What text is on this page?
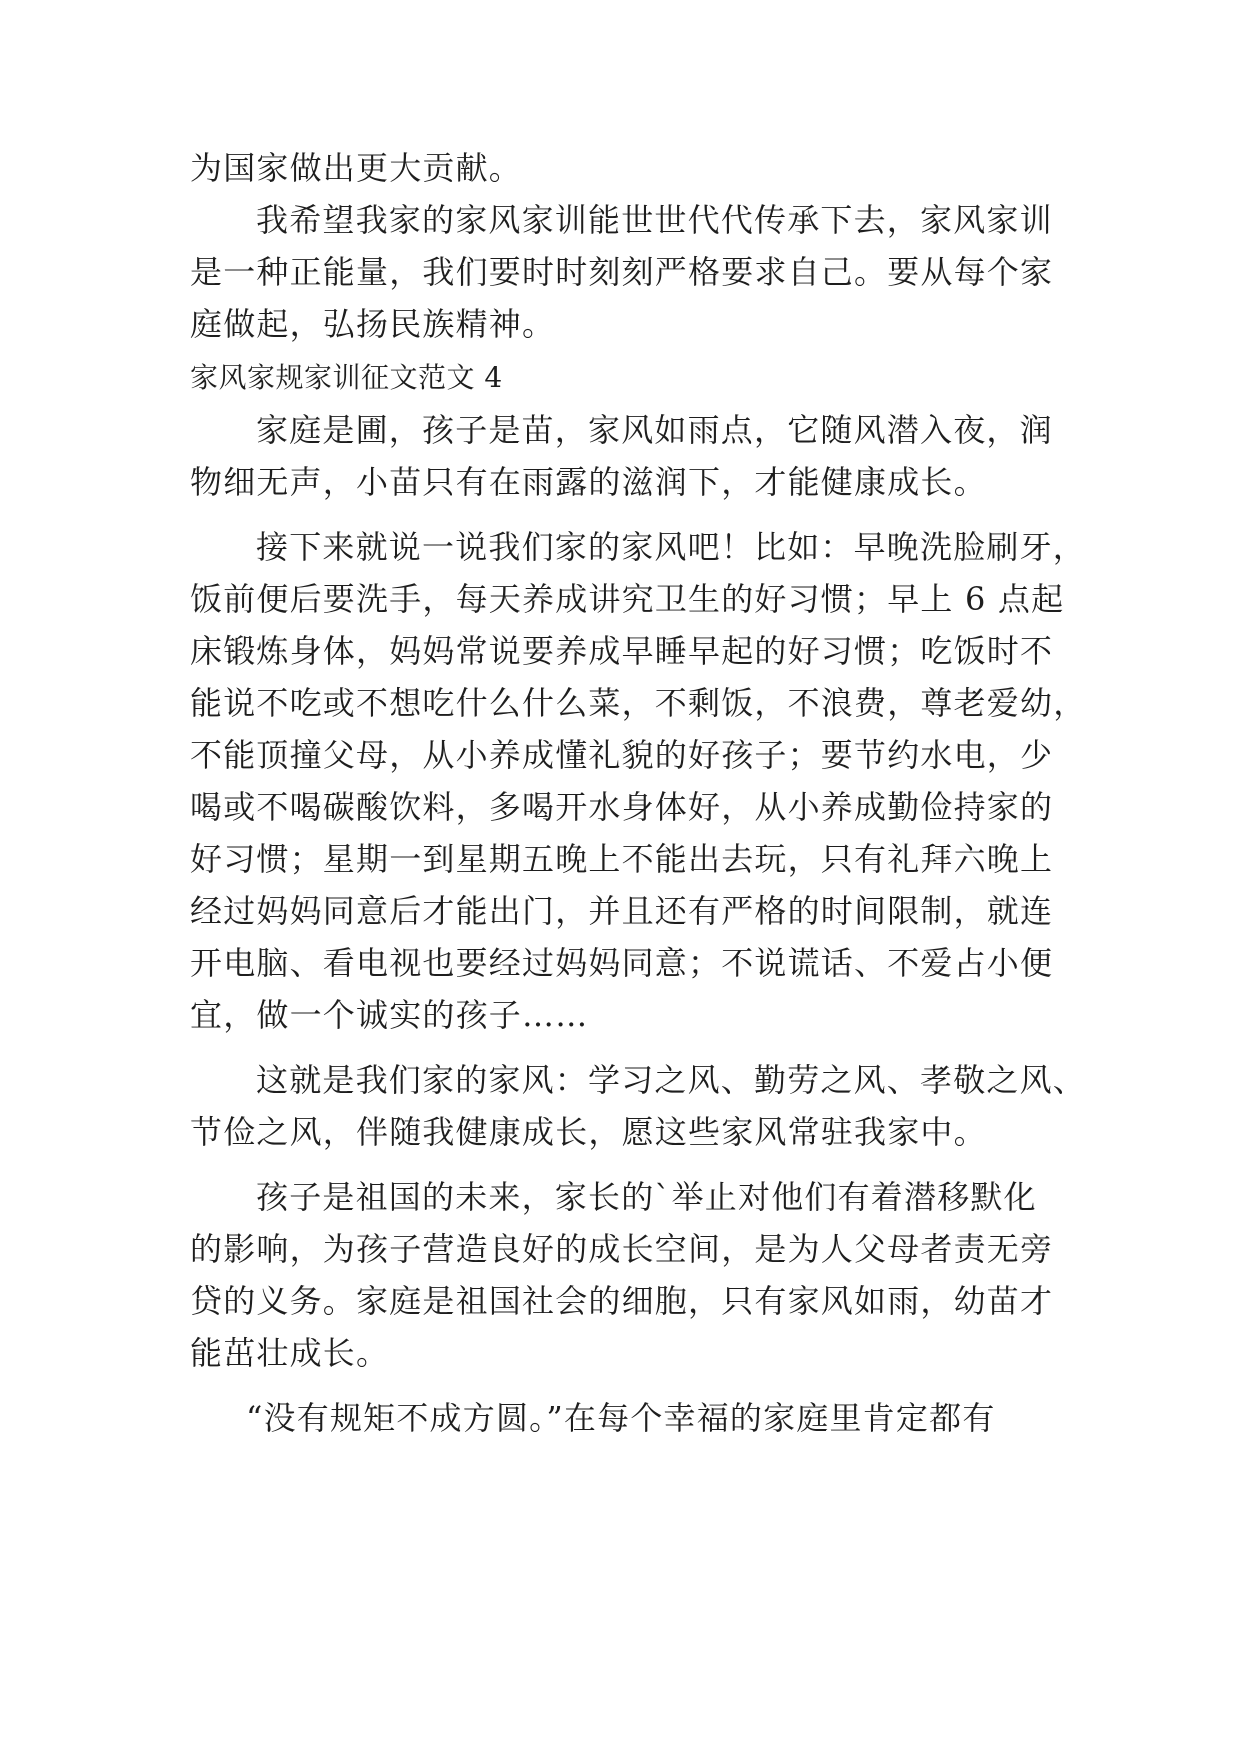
为国家做出更大贡献。
我希望我家的家风家训能世世代代传承下去，家风家训
是一种正能量，我们要时时刻刻严格要求自己。要从每个家
庭做起，弘扬民族精神。
家风家规家训征文范文 4
家庭是圃，孩子是苗，家风如雨点，它随风潜入夜，润
物细无声，小苗只有在雨露的滋润下，才能健康成长。
接下来就说一说我们家的家风吧！比如：早晚洗脸刷牙，
饭前便后要洗手，每天养成讲究卫生的好习惯；早上 6 点起
床锻炼身体，妈妈常说要养成早睡早起的好习惯；吃饭时不
能说不吃或不想吃什么什么菜，不剩饭，不浪费，尊老爱幼，
不能顶撞父母，从小养成懂礼貌的好孩子；要节约水电，少
喝或不喝碳酸饮料，多喝开水身体好，从小养成勤俭持家的
好习惯；星期一到星期五晚上不能出去玩，只有礼拜六晚上
经过妈妈同意后才能出门，并且还有严格的时间限制，就连
开电脑、看电视也要经过妈妈同意；不说谎话、不爱占小便
宜，做一个诚实的孩子……
这就是我们家的家风：学习之风、勤劳之风、孝敬之风、
节俭之风，伴随我健康成长，愿这些家风常驻我家中。
孩子是祖国的未来，家长的`举止对他们有着潜移默化
的影响，为孩子营造良好的成长空间，是为人父母者责无旁
贷的义务。家庭是祖国社会的细胞，只有家风如雨，幼苗才
能茁壮成长。
“没有规矩不成方圆。”在每个幸福的家庭里肯定都有
